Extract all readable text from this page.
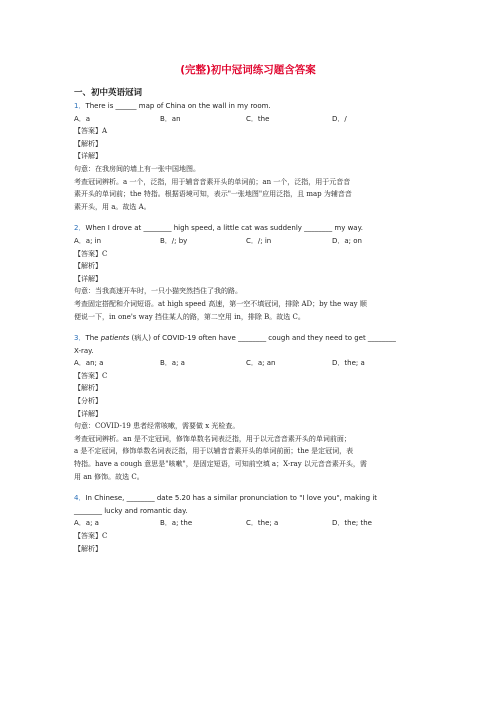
(完整)初中冠词练习题含答案
一、初中英语冠词
1．There is ______ map of China on the wall in my room.
A．a	B．an	C．the	D．/
【答案】A
【解析】
【详解】
句意：在我房间的墙上有一张中国地图。
考查冠词辨析。a 一个，泛指，用于辅音音素开头的单词前；an 一个，泛指，用于元音音
素开头的单词前；the 特指。根据语境可知，表示"一张地图"应用泛指，且 map 为辅音音
素开头，用 a。故选 A。
2．When I drove at ________ high speed, a little cat was suddenly ________ my way.
A．a; in	B．/; by	C．/; in	D．a; on
【答案】C
【解析】
【详解】
句意：当我高速开车时，一只小猫突然挡住了我的路。
考查固定搭配和介词短语。at high speed 高速，第一空不填冠词，排除 AD；by the way 顺
便说一下，in one's way 挡住某人的路，第二空用 in，排除 B。故选 C。
3．The patients (病人) of COVID-19 often have ________ cough and they need to get ________
X-ray.
A．an; a	B．a; a	C．a; an	D．the; a
【答案】C
【解析】
【分析】
【详解】
句意：COVID-19 患者经常咳嗽，需要做 x 光检查。
考查冠词辨析。an 是不定冠词，修饰单数名词表泛指，用于以元音音素开头的单词前面；
a 是不定冠词，修饰单数名词表泛指，用于以辅音音素开头的单词前面；the 是定冠词，表
特指。have a cough 意思是"咳嗽"，是固定短语，可知前空填 a；X-ray 以元音音素开头，需
用 an 修饰。故选 C。
4．In Chinese, ________ date 5.20 has a similar pronunciation to "I love you", making it
________ lucky and romantic day.
A．a; a	B．a; the	C．the; a	D．the; the
【答案】C
【解析】
